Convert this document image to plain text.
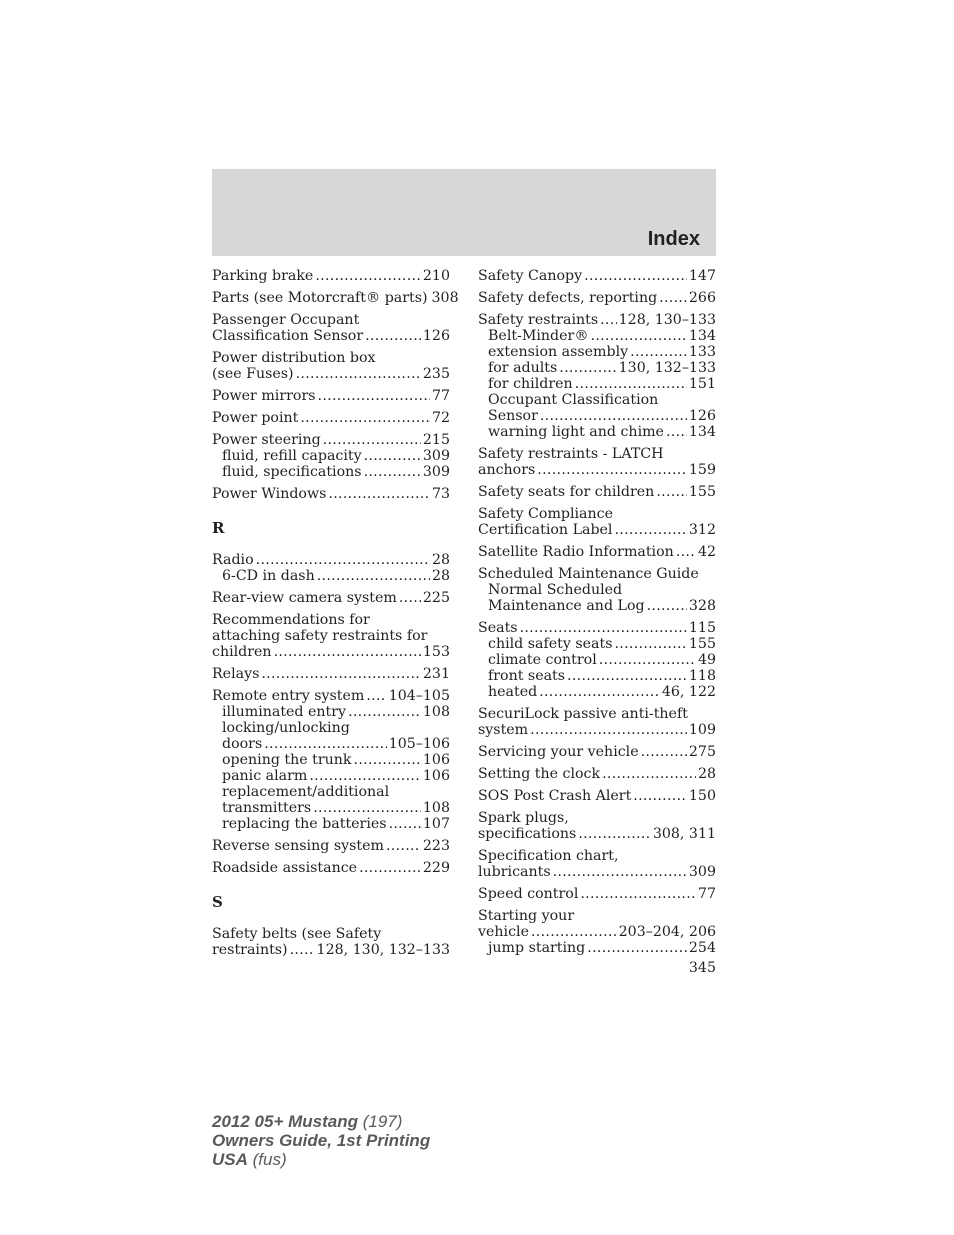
Index
Parking brake .....	210
Parts (see Motorcraft® parts) 308
Passenger Occupant
Classification Sensor .....	126
Power distribution box
(see Fuses) .....	235
Power mirrors .....	77
Power point .....	72
Power steering .....	215
fluid, refill capacity .....	309
fluid, specifications .....	309
Power Windows .....	73
R
Radio .....	28
6-CD in dash .....	28
Rear-view camera system ..... 225
Recommendations for
attaching safety restraints for
children .....	153
Relays .....	231
Remote entry system ..... 104–105
illuminated entry .....	108
locking/unlocking
doors .....	105–106
opening the trunk .....	106
panic alarm .....	106
replacement/additional
transmitters .....	108
replacing the batteries .....	107
Reverse sensing system .....	223
Roadside assistance .....	229
S
Safety belts (see Safety
restraints) ..... 128, 130, 132–133
Safety Canopy .....	147
Safety defects, reporting ..... 266
Safety restraints ..... 128, 130–133
Belt-Minder® .....	134
extension assembly .....	133
for adults .....	130, 132–133
for children .....	151
Occupant Classification
Sensor .....	126
warning light and chime ..... 134
Safety restraints - LATCH
anchors .....	159
Safety seats for children ..... 155
Safety Compliance
Certification Label .....	312
Satellite Radio Information ..... 42
Scheduled Maintenance Guide
Normal Scheduled
Maintenance and Log .....	328
Seats .....	115
child safety seats .....	155
climate control .....	49
front seats .....	118
heated .....	46, 122
SecuriLock passive anti-theft
system .....	109
Servicing your vehicle .....	275
Setting the clock .....	28
SOS Post Crash Alert .....	150
Spark plugs,
specifications .....	308, 311
Specification chart,
lubricants .....	309
Speed control .....	77
Starting your
vehicle .....	203–204, 206
jump starting .....	254
345
2012 05+ Mustang (197)
Owners Guide, 1st Printing
USA (fus)
